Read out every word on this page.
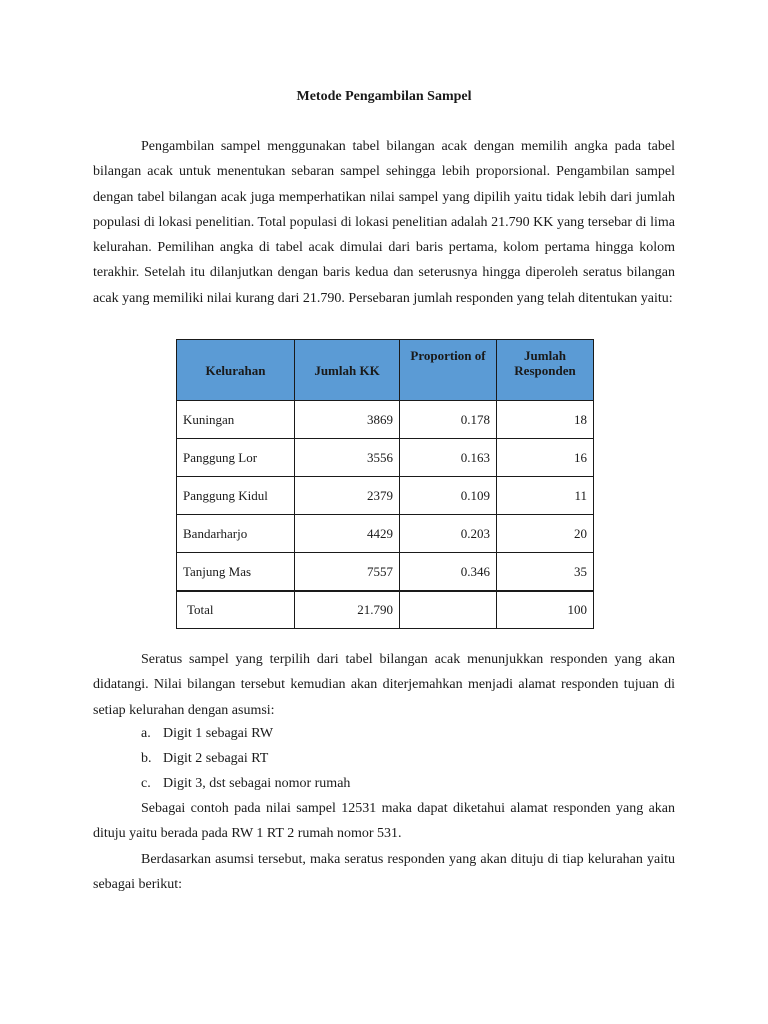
Metode Pengambilan Sampel

Pengambilan sampel menggunakan tabel bilangan acak dengan memilih angka pada tabel bilangan acak untuk menentukan sebaran sampel sehingga lebih proporsional. Pengambilan sampel dengan tabel bilangan acak juga memperhatikan nilai sampel yang dipilih yaitu tidak lebih dari jumlah populasi di lokasi penelitian. Total populasi di lokasi penelitian adalah 21.790 KK yang tersebar di lima kelurahan. Pemilihan angka di tabel acak dimulai dari baris pertama, kolom pertama hingga kolom terakhir. Setelah itu dilanjutkan dengan baris kedua dan seterusnya hingga diperoleh seratus bilangan acak yang memiliki nilai kurang dari 21.790. Persebaran jumlah responden yang telah ditentukan yaitu:

Kelurahan	Jumlah KK	Proportion of	Jumlah Responden
Kuningan	3869	0.178	18
Panggung Lor	3556	0.163	16
Panggung Kidul	2379	0.109	11
Bandarharjo	4429	0.203	20
Tanjung Mas	7557	0.346	35
Total	21.790		100

Seratus sampel yang terpilih dari tabel bilangan acak menunjukkan responden yang akan didatangi. Nilai bilangan tersebut kemudian akan diterjemahkan menjadi alamat responden tujuan di setiap kelurahan dengan asumsi:

a. Digit 1 sebagai RW
b. Digit 2 sebagai RT
c. Digit 3, dst sebagai nomor rumah

Sebagai contoh pada nilai sampel 12531 maka dapat diketahui alamat responden yang akan dituju yaitu berada pada RW 1 RT 2 rumah nomor 531.

Berdasarkan asumsi tersebut, maka seratus responden yang akan dituju di tiap kelurahan yaitu sebagai berikut:
